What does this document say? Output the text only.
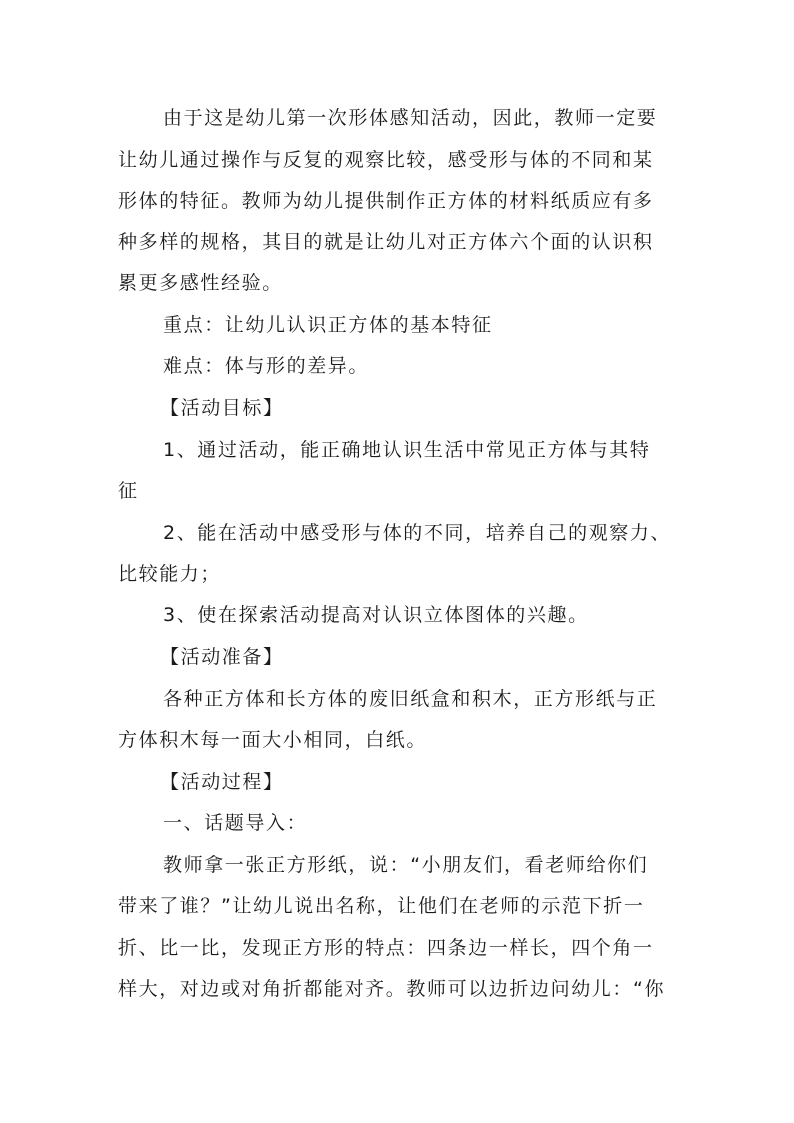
由于这是幼儿第一次形体感知活动，因此，教师一定要
让幼儿通过操作与反复的观察比较，感受形与体的不同和某
形体的特征。教师为幼儿提供制作正方体的材料纸质应有多
种多样的规格，其目的就是让幼儿对正方体六个面的认识积
累更多感性经验。
重点：让幼儿认识正方体的基本特征
难点：体与形的差异。
【活动目标】
1、通过活动，能正确地认识生活中常见正方体与其特
征
2、能在活动中感受形与体的不同，培养自己的观察力、
比较能力；
3、使在探索活动提高对认识立体图体的兴趣。
【活动准备】
各种正方体和长方体的废旧纸盒和积木，正方形纸与正
方体积木每一面大小相同，白纸。
【活动过程】
一、话题导入：
教师拿一张正方形纸，说：“小朋友们，看老师给你们
带来了谁？”让幼儿说出名称，让他们在老师的示范下折一
折、比一比，发现正方形的特点：四条边一样长，四个角一
样大，对边或对角折都能对齐。教师可以边折边问幼儿：“你
